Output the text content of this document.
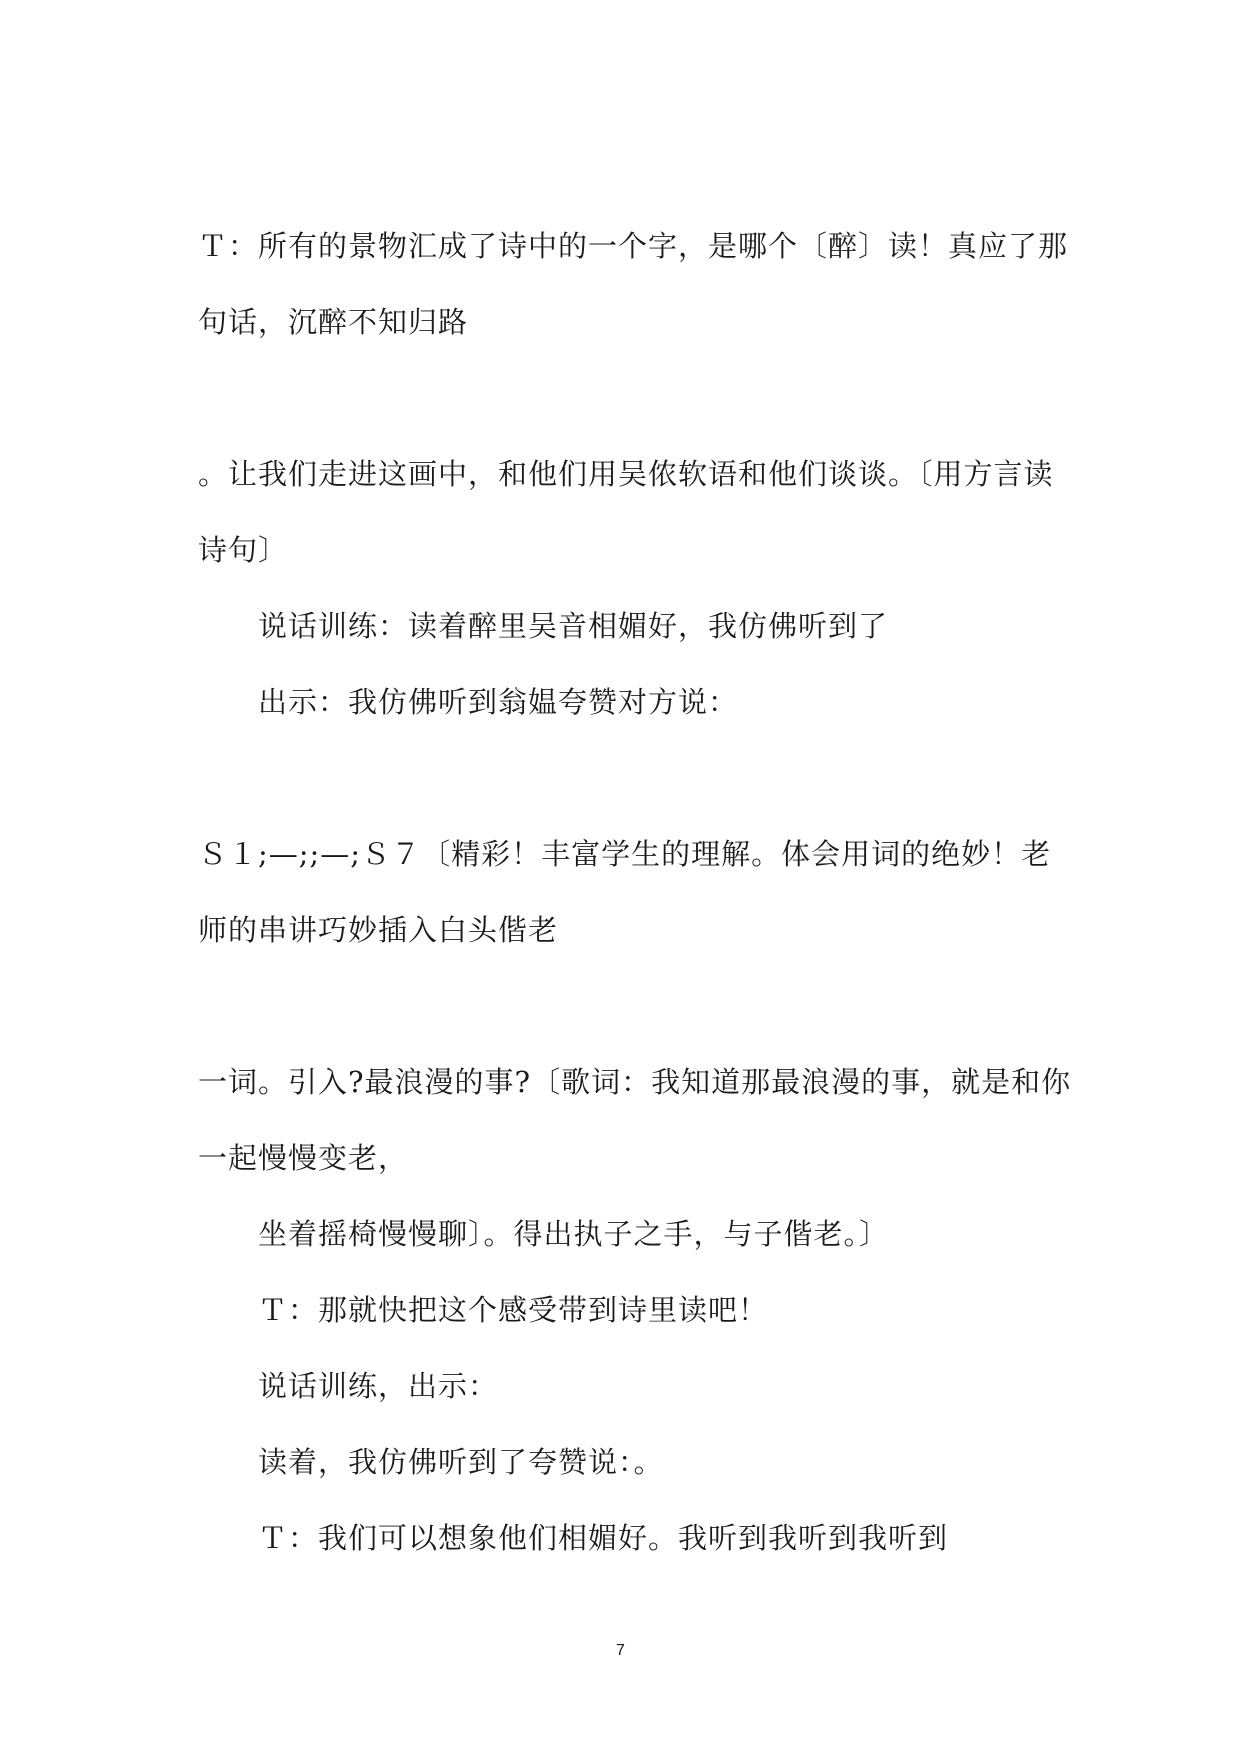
Ｔ：所有的景物汇成了诗中的一个字，是哪个〔醉〕读！真应了那
句话，沉醉不知归路
。让我们走进这画中，和他们用吴侬软语和他们谈谈。〔用方言读
诗句〕
说话训练：读着醉里吴音相媚好，我仿佛听到了
出示：我仿佛听到翁媪夸赞对方说：
Ｓ１;—;;—;Ｓ７〔精彩！丰富学生的理解。体会用词的绝妙！老
师的串讲巧妙插入白头偕老
一词。引入?最浪漫的事?〔歌词：我知道那最浪漫的事，就是和你
一起慢慢变老，
坐着摇椅慢慢聊〕。得出执子之手，与子偕老。〕
Ｔ：那就快把这个感受带到诗里读吧！
说话训练，出示：
读着，我仿佛听到了夸赞说：。
Ｔ：我们可以想象他们相媚好。我听到我听到我听到
7
